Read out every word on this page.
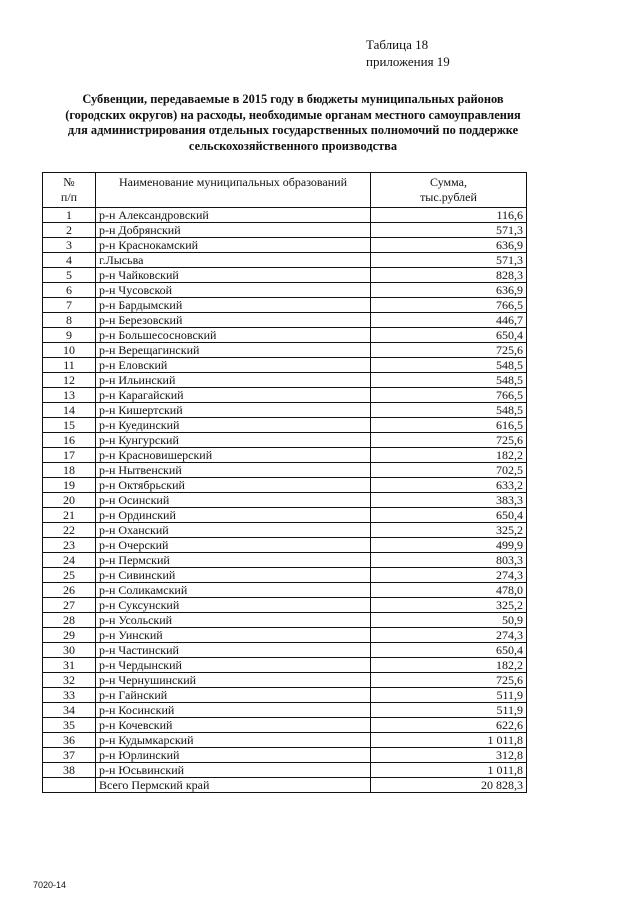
Таблица 18
приложения 19
Субвенции, передаваемые в 2015 году в бюджеты муниципальных районов
(городских округов) на расходы, необходимые органам местного самоуправления
для администрирования отдельных государственных полномочий по поддержке
сельскохозяйственного производства
№
п/п	Наименование муниципальных образований	Сумма,
тыс.рублей
1	р-н Александровский	116,6
2	р-н Добрянский	571,3
3	р-н Краснокамский	636,9
4	г.Лысьва	571,3
5	р-н Чайковский	828,3
6	р-н Чусовской	636,9
7	р-н Бардымский	766,5
8	р-н Березовский	446,7
9	р-н Большесосновский	650,4
10	р-н Верещагинский	725,6
11	р-н Еловский	548,5
12	р-н Ильинский	548,5
13	р-н Карагайский	766,5
14	р-н Кишертский	548,5
15	р-н Куединский	616,5
16	р-н Кунгурский	725,6
17	р-н Красновишерский	182,2
18	р-н Нытвенский	702,5
19	р-н Октябрьский	633,2
20	р-н Осинский	383,3
21	р-н Ординский	650,4
22	р-н Оханский	325,2
23	р-н Очерский	499,9
24	р-н Пермский	803,3
25	р-н Сивинский	274,3
26	р-н Соликамский	478,0
27	р-н Суксунский	325,2
28	р-н Усольский	50,9
29	р-н Уинский	274,3
30	р-н Частинский	650,4
31	р-н Чердынский	182,2
32	р-н Чернушинский	725,6
33	р-н Гайнский	511,9
34	р-н Косинский	511,9
35	р-н Кочевский	622,6
36	р-н Кудымкарский	1 011,8
37	р-н Юрлинский	312,8
38	р-н Юсьвинский	1 011,8
	Всего Пермский край	20 828,3
7020-14
